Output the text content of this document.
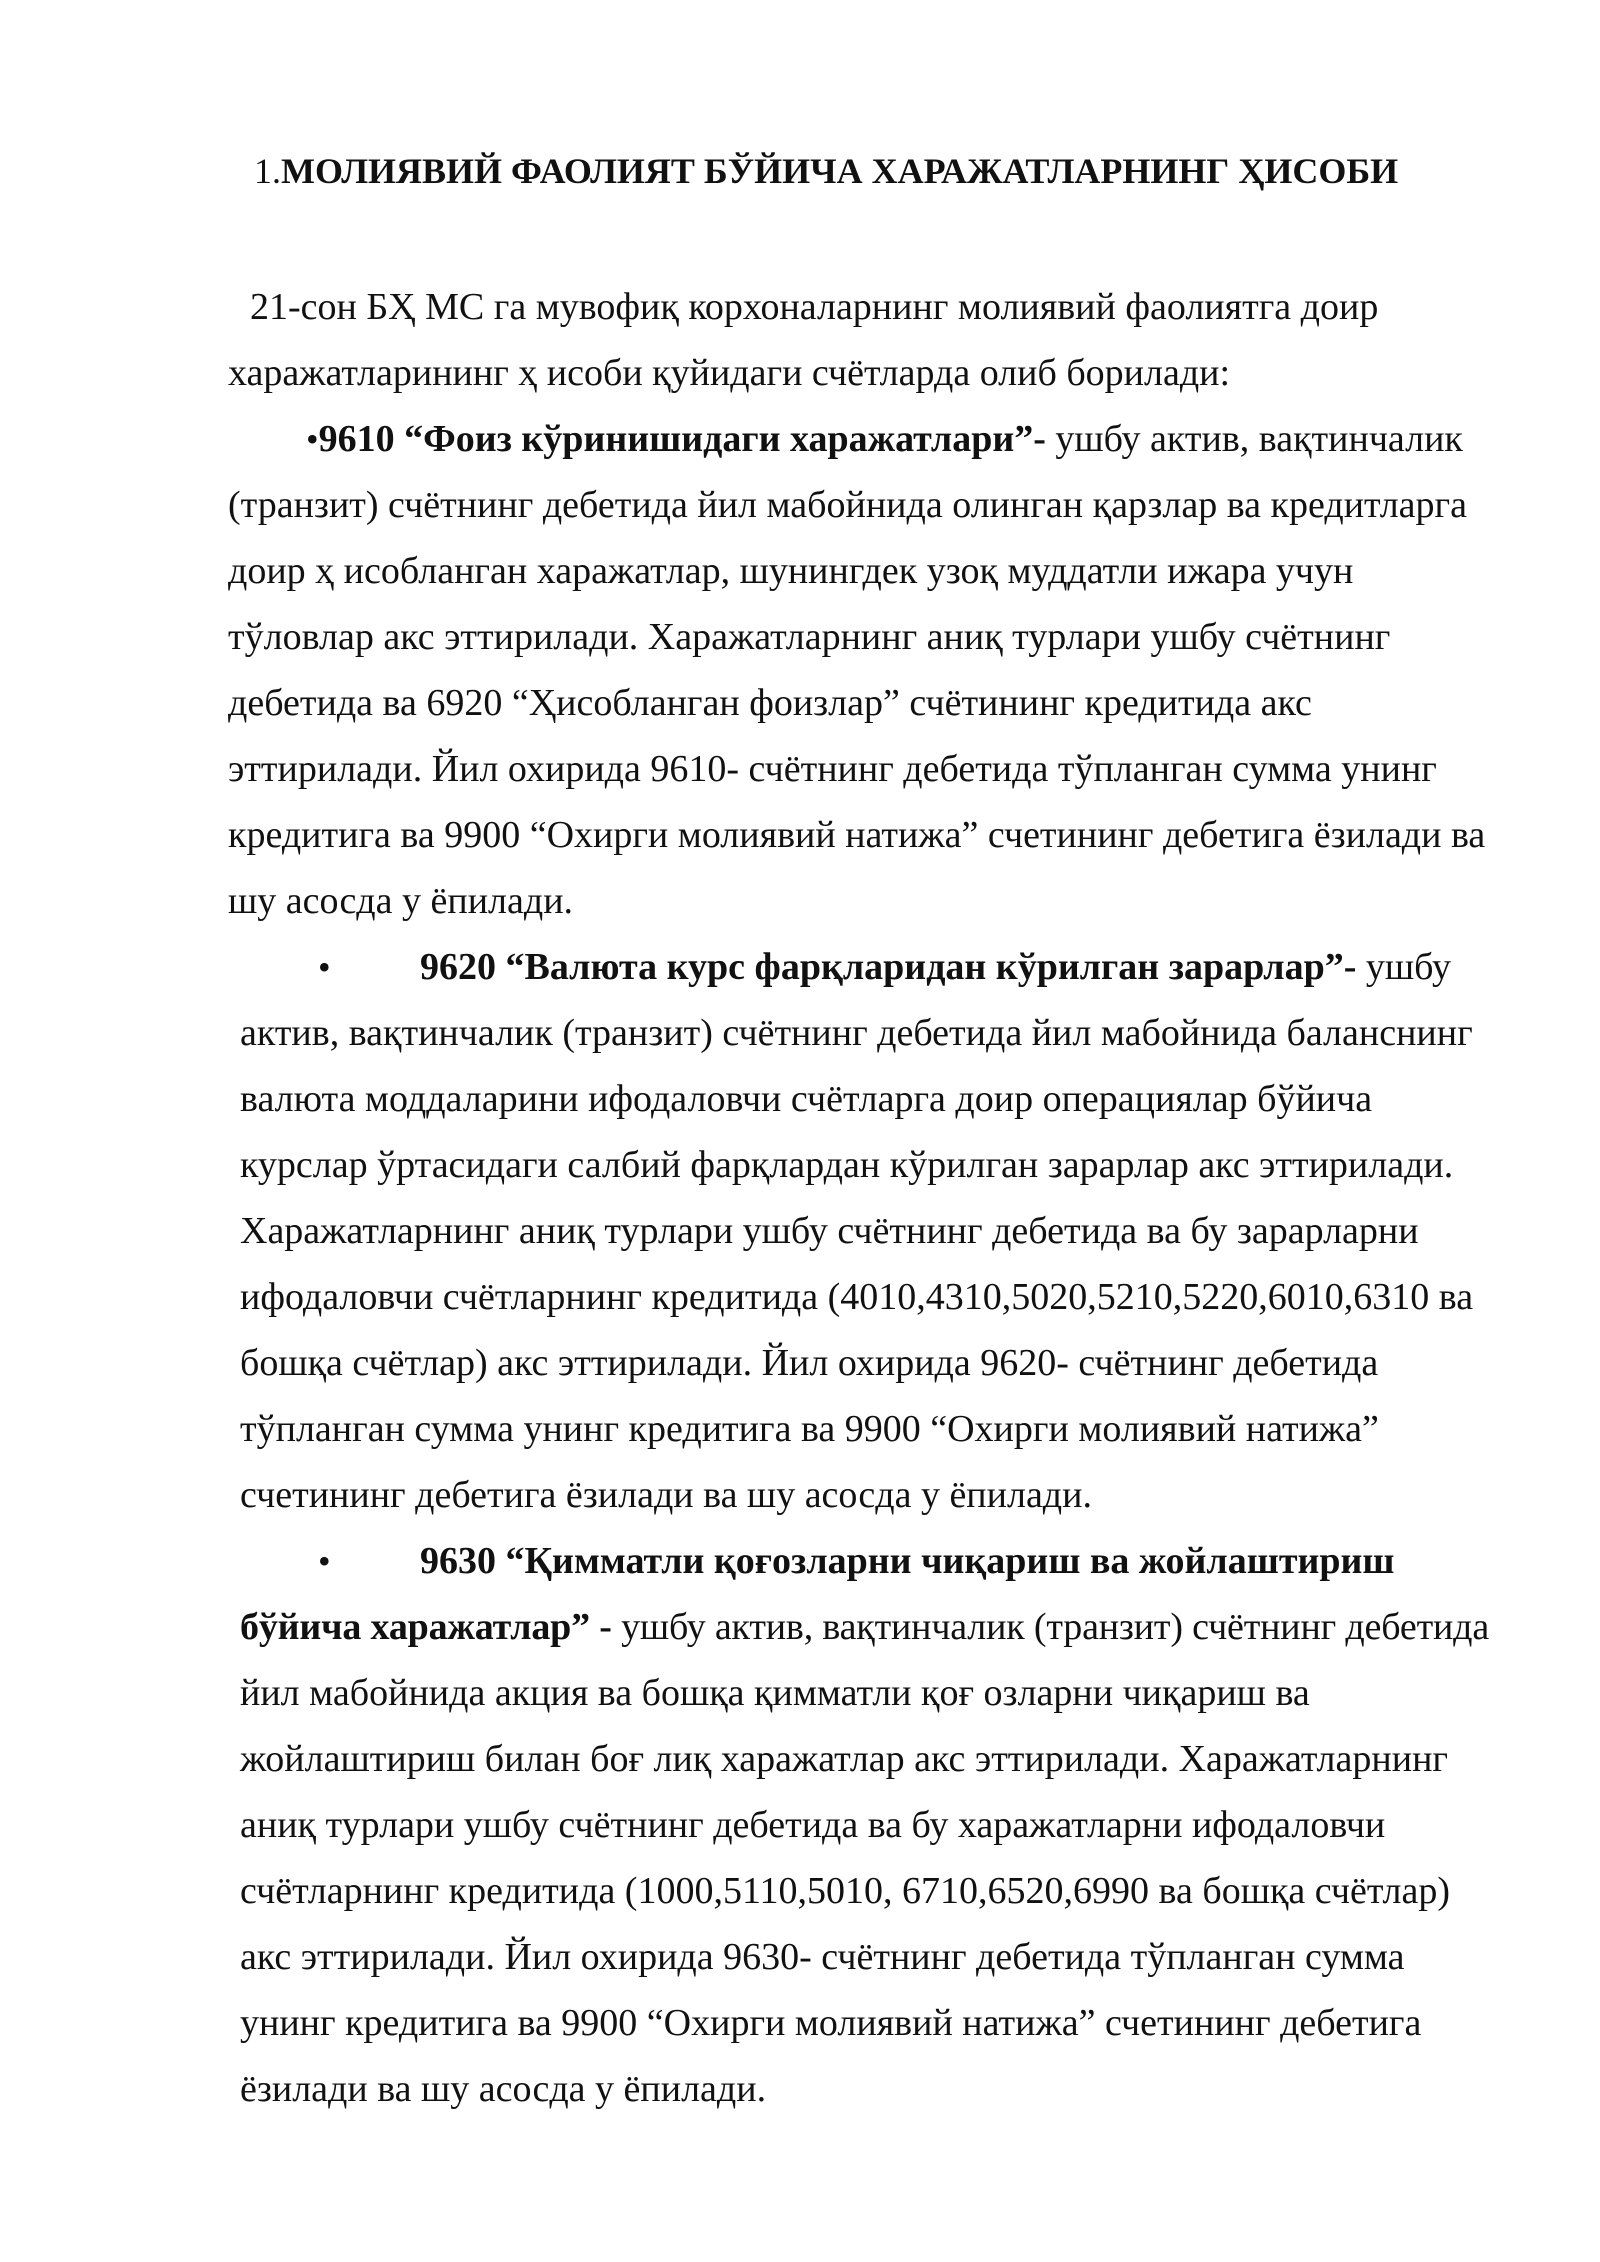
1.МОЛИЯВИЙ ФАОЛИЯТ БЎЙИЧА ХАРАЖАТЛАРНИНГ ҲИСОБИ
21-сон БҲ МС га мувофиқ корхоналарнинг молиявий фаолиятга доир
харажатларининг ҳ исоби қуйидаги счётларда олиб борилади:
•9610 “Фоиз кўринишидаги харажатлари”- ушбу актив, вақтинчалик
(транзит) счётнинг дебетида йил мабойнида олинган қарзлар ва кредитларга
доир ҳ исобланган харажатлар, шунингдек узоқ муддатли ижара учун
тўловлар акс эттирилади. Харажатларнинг аниқ турлари ушбу счётнинг
дебетида ва 6920 “Ҳисобланган фоизлар” счётининг кредитида акс
эттирилади. Йил охирида 9610- счётнинг дебетида тўпланган сумма унинг
кредитига ва 9900 “Охирги молиявий натижа” счетининг дебетига ёзилади ва
шу асосда у ёпилади.
• 9620 “Валюта курс фарқларидан кўрилган зарарлар”- ушбу
актив, вақтинчалик (транзит) счётнинг дебетида йил мабойнида баланснинг
валюта моддаларини ифодаловчи счётларга доир операциялар бўйича
курслар ўртасидаги салбий фарқлардан кўрилган зарарлар акс эттирилади.
Харажатларнинг аниқ турлари ушбу счётнинг дебетида ва бу зарарларни
ифодаловчи счётларнинг кредитида (4010,4310,5020,5210,5220,6010,6310 ва
бошқа счётлар) акс эттирилади. Йил охирида 9620- счётнинг дебетида
тўпланган сумма унинг кредитига ва 9900 “Охирги молиявий натижа”
счетининг дебетига ёзилади ва шу асосда у ёпилади.
• 9630 “Қимматли қоғозларни чиқариш ва жойлаштириш
бўйича харажатлар” - ушбу актив, вақтинчалик (транзит) счётнинг дебетида
йил мабойнида акция ва бошқа қимматли қоғ озларни чиқариш ва
жойлаштириш билан боғ лиқ харажатлар акс эттирилади. Харажатларнинг
аниқ турлари ушбу счётнинг дебетида ва бу харажатларни ифодаловчи
счётларнинг кредитида (1000,5110,5010, 6710,6520,6990 ва бошқа счётлар)
акс эттирилади. Йил охирида 9630- счётнинг дебетида тўпланган сумма
унинг кредитига ва 9900 “Охирги молиявий натижа” счетининг дебетига
ёзилади ва шу асосда у ёпилади.
